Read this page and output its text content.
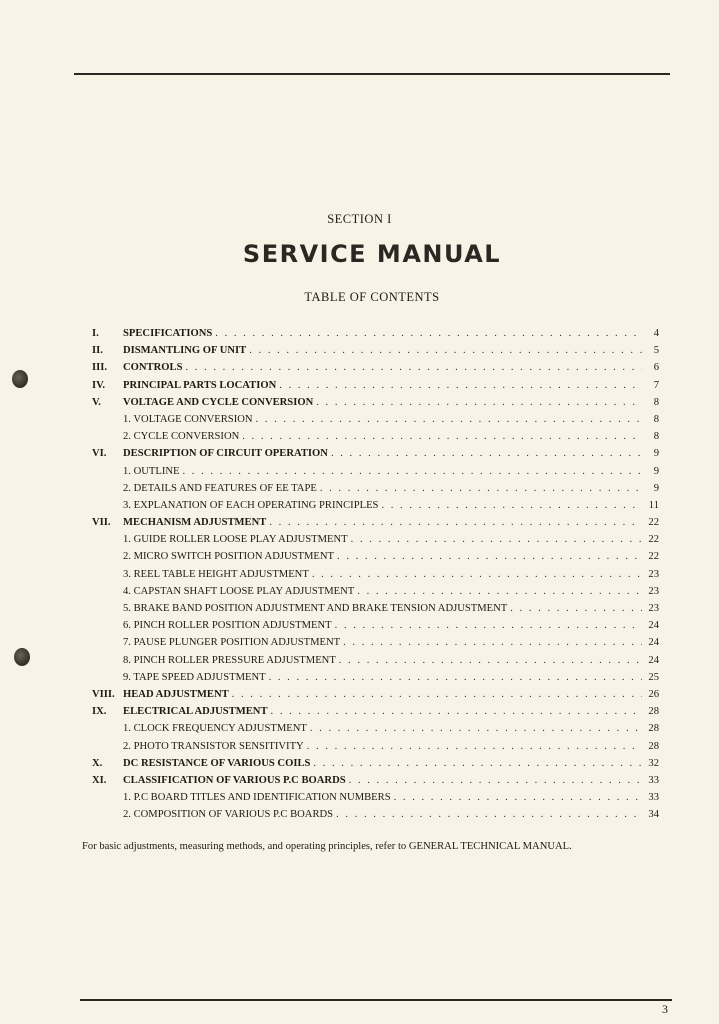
SECTION I
SERVICE MANUAL
TABLE OF CONTENTS
I.	SPECIFICATIONS . . .	4
II.	DISMANTLING OF UNIT . . .	5
III.	CONTROLS . . .	6
IV.	PRINCIPAL PARTS LOCATION . . .	7
V.	VOLTAGE AND CYCLE CONVERSION . . .	8
1. VOLTAGE CONVERSION . . .	8
2. CYCLE CONVERSION . . .	8
VI.	DESCRIPTION OF CIRCUIT OPERATION . . .	9
1. OUTLINE . . .	9
2. DETAILS AND FEATURES OF EE TAPE . . .	9
3. EXPLANATION OF EACH OPERATING PRINCIPLES . . .	11
VII.	MECHANISM ADJUSTMENT . . .	22
1. GUIDE ROLLER LOOSE PLAY ADJUSTMENT . . .	22
2. MICRO SWITCH POSITION ADJUSTMENT . . .	22
3. REEL TABLE HEIGHT ADJUSTMENT . . .	23
4. CAPSTAN SHAFT LOOSE PLAY ADJUSTMENT . . .	23
5. BRAKE BAND POSITION ADJUSTMENT AND BRAKE TENSION ADJUSTMENT . . .	23
6. PINCH ROLLER POSITION ADJUSTMENT . . .	24
7. PAUSE PLUNGER POSITION ADJUSTMENT . . .	24
8. PINCH ROLLER PRESSURE ADJUSTMENT . . .	24
9. TAPE SPEED ADJUSTMENT . . .	25
VIII. HEAD ADJUSTMENT . . .	26
IX.	ELECTRICAL ADJUSTMENT . . .	28
1. CLOCK FREQUENCY ADJUSTMENT . . .	28
2. PHOTO TRANSISTOR SENSITIVITY . . .	28
X.	DC RESISTANCE OF VARIOUS COILS . . .	32
XI.	CLASSIFICATION OF VARIOUS P.C BOARDS . . .	33
1. P.C BOARD TITLES AND IDENTIFICATION NUMBERS . . .	33
2. COMPOSITION OF VARIOUS P.C BOARDS . . .	34
For basic adjustments, measuring methods, and operating principles, refer to GENERAL TECHNICAL MANUAL.
3
